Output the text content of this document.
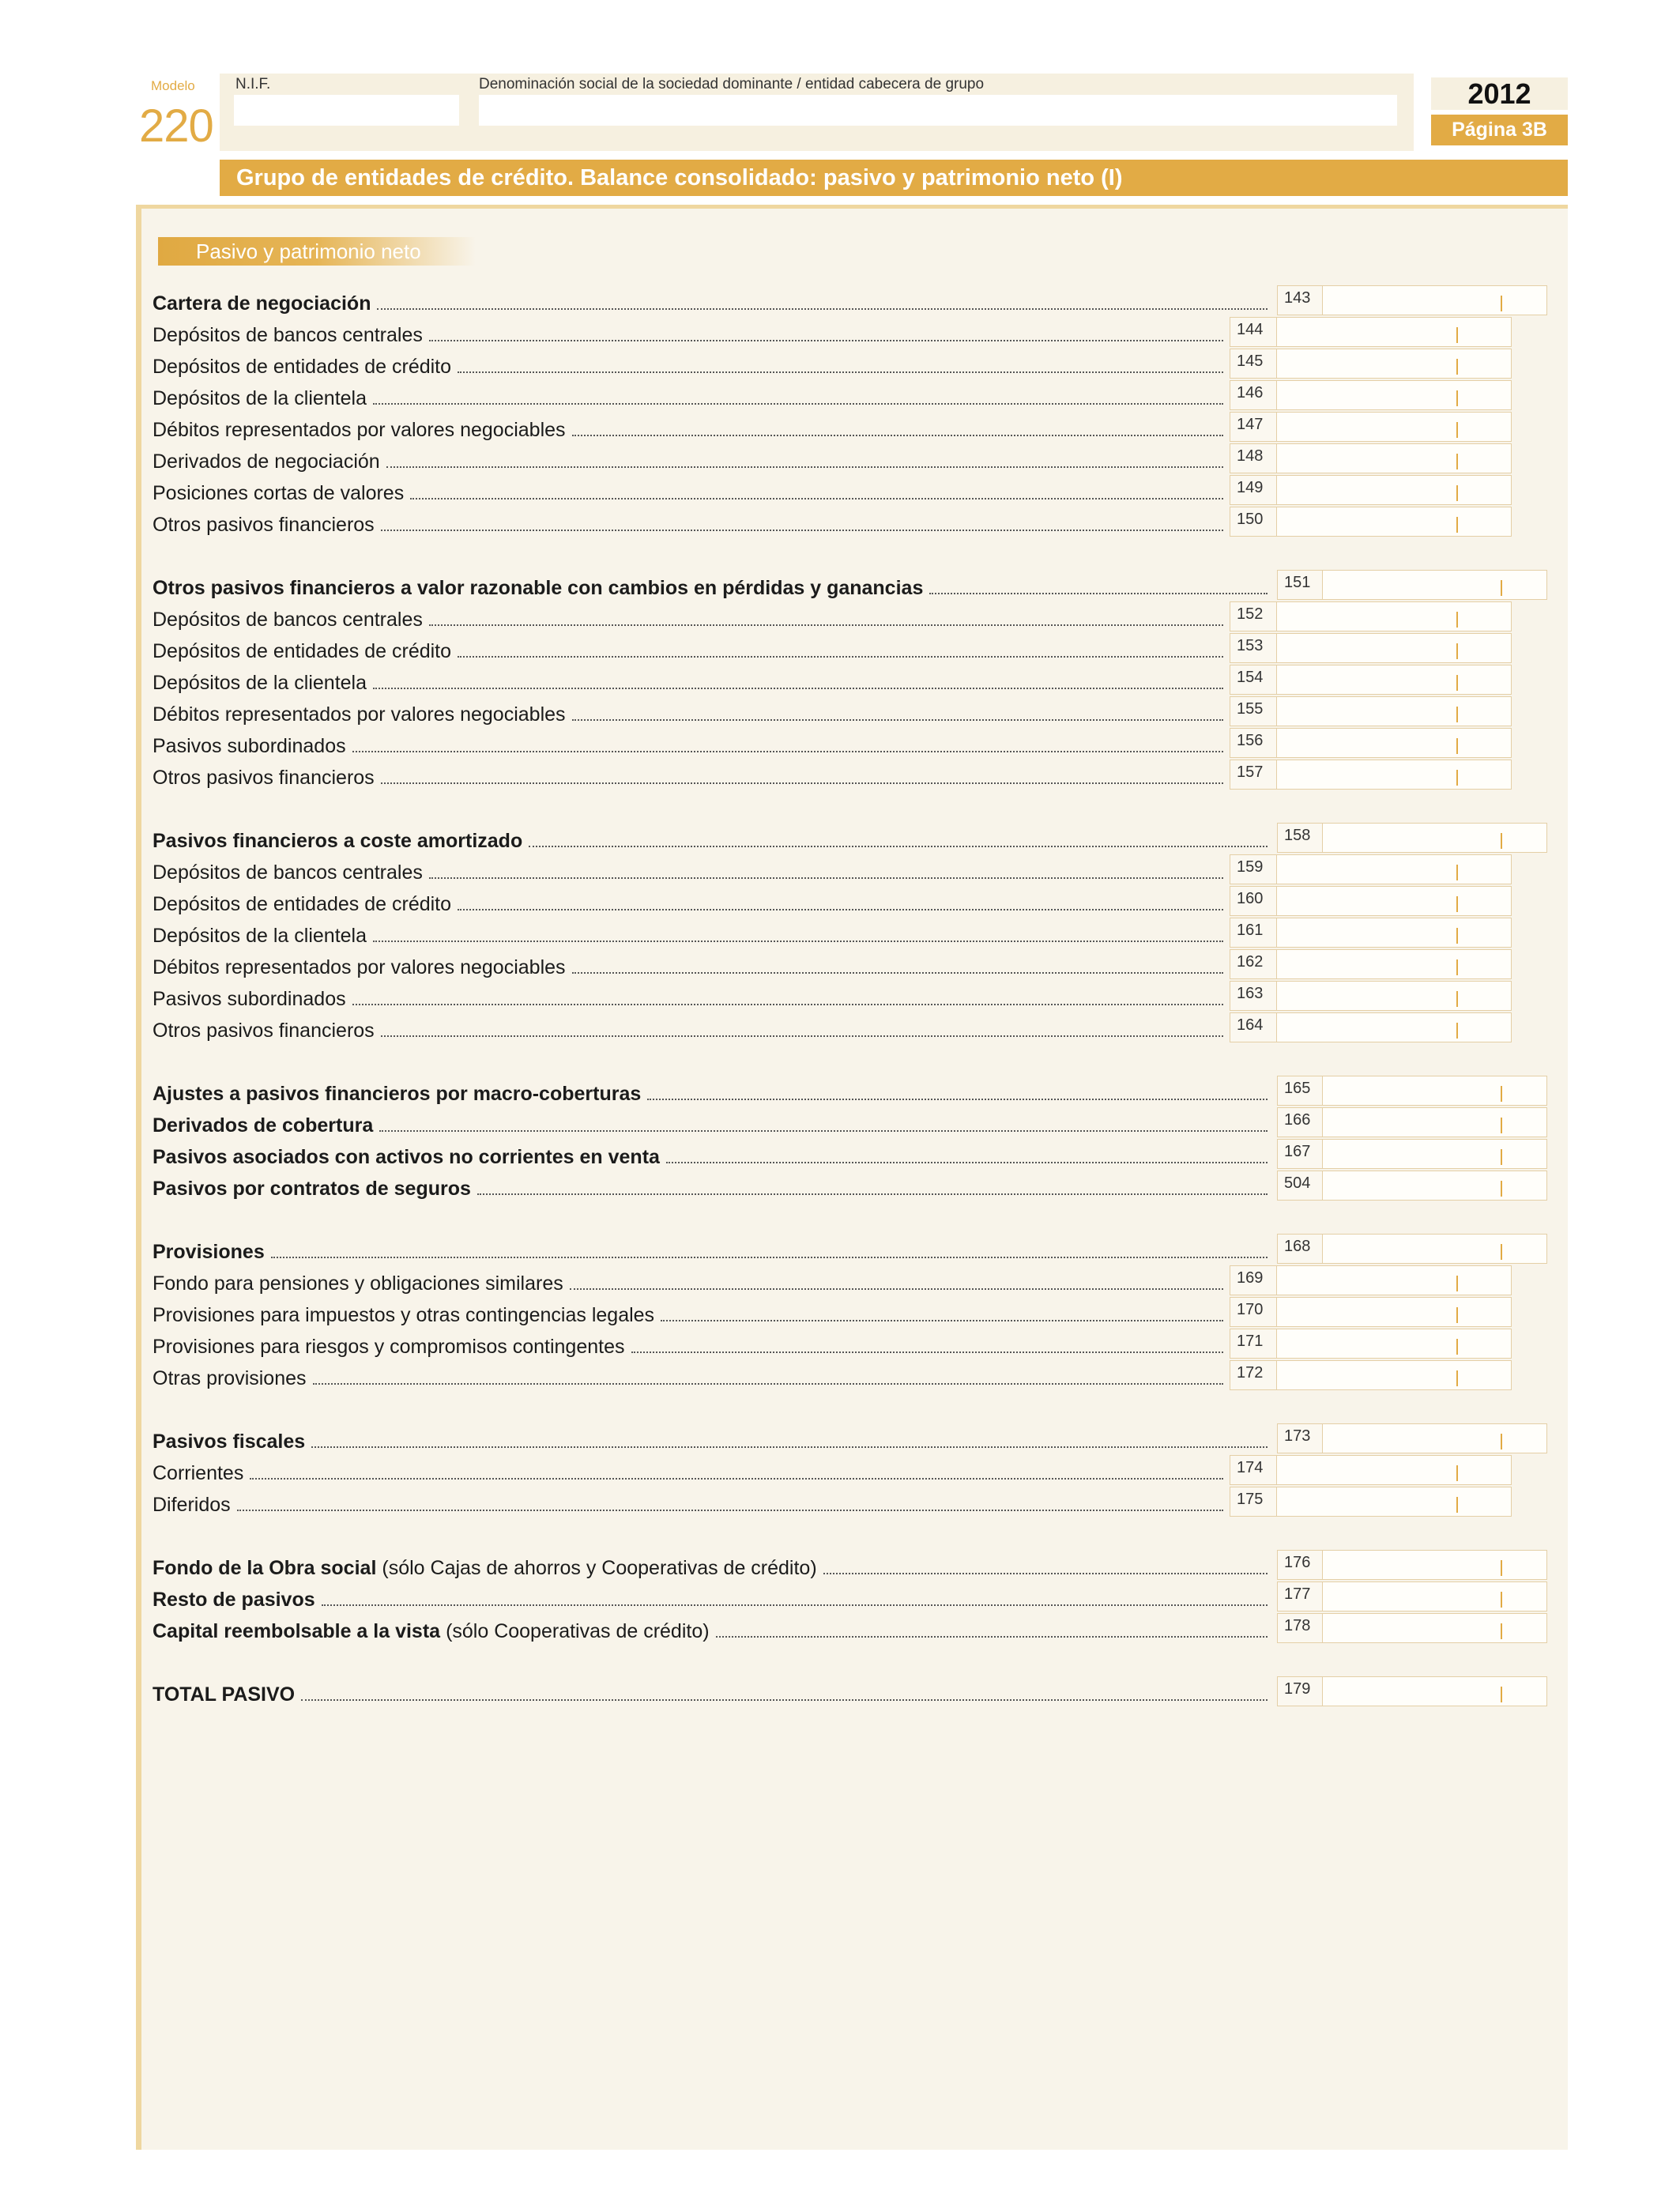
Modelo
220
N.I.F.	Denominación social de la sociedad dominante / entidad cabecera de grupo	2012
Página 3B
Grupo de entidades de crédito. Balance consolidado: pasivo y patrimonio neto (I)
Pasivo y patrimonio neto
Cartera de negociación	143
Depósitos de bancos centrales	144
Depósitos de entidades de crédito	145
Depósitos de la clientela	146
Débitos representados por valores negociables	147
Derivados de negociación	148
Posiciones cortas de valores	149
Otros pasivos financieros	150
Otros pasivos financieros a valor razonable con cambios en pérdidas y ganancias	151
Depósitos de bancos centrales	152
Depósitos de entidades de crédito	153
Depósitos de la clientela	154
Débitos representados por valores negociables	155
Pasivos subordinados	156
Otros pasivos financieros	157
Pasivos financieros a coste amortizado	158
Depósitos de bancos centrales	159
Depósitos de entidades de crédito	160
Depósitos de la clientela	161
Débitos representados por valores negociables	162
Pasivos subordinados	163
Otros pasivos financieros	164
Ajustes a pasivos financieros por macro-coberturas	165
Derivados de cobertura	166
Pasivos asociados con activos no corrientes en venta	167
Pasivos por contratos de seguros	504
Provisiones	168
Fondo para pensiones y obligaciones similares	169
Provisiones para impuestos y otras contingencias legales	170
Provisiones para riesgos y compromisos contingentes	171
Otras provisiones	172
Pasivos fiscales	173
Corrientes	174
Diferidos	175
Fondo de la Obra social (sólo Cajas de ahorros y Cooperativas de crédito)	176
Resto de pasivos	177
Capital reembolsable a la vista (sólo Cooperativas de crédito)	178
TOTAL PASIVO	179
